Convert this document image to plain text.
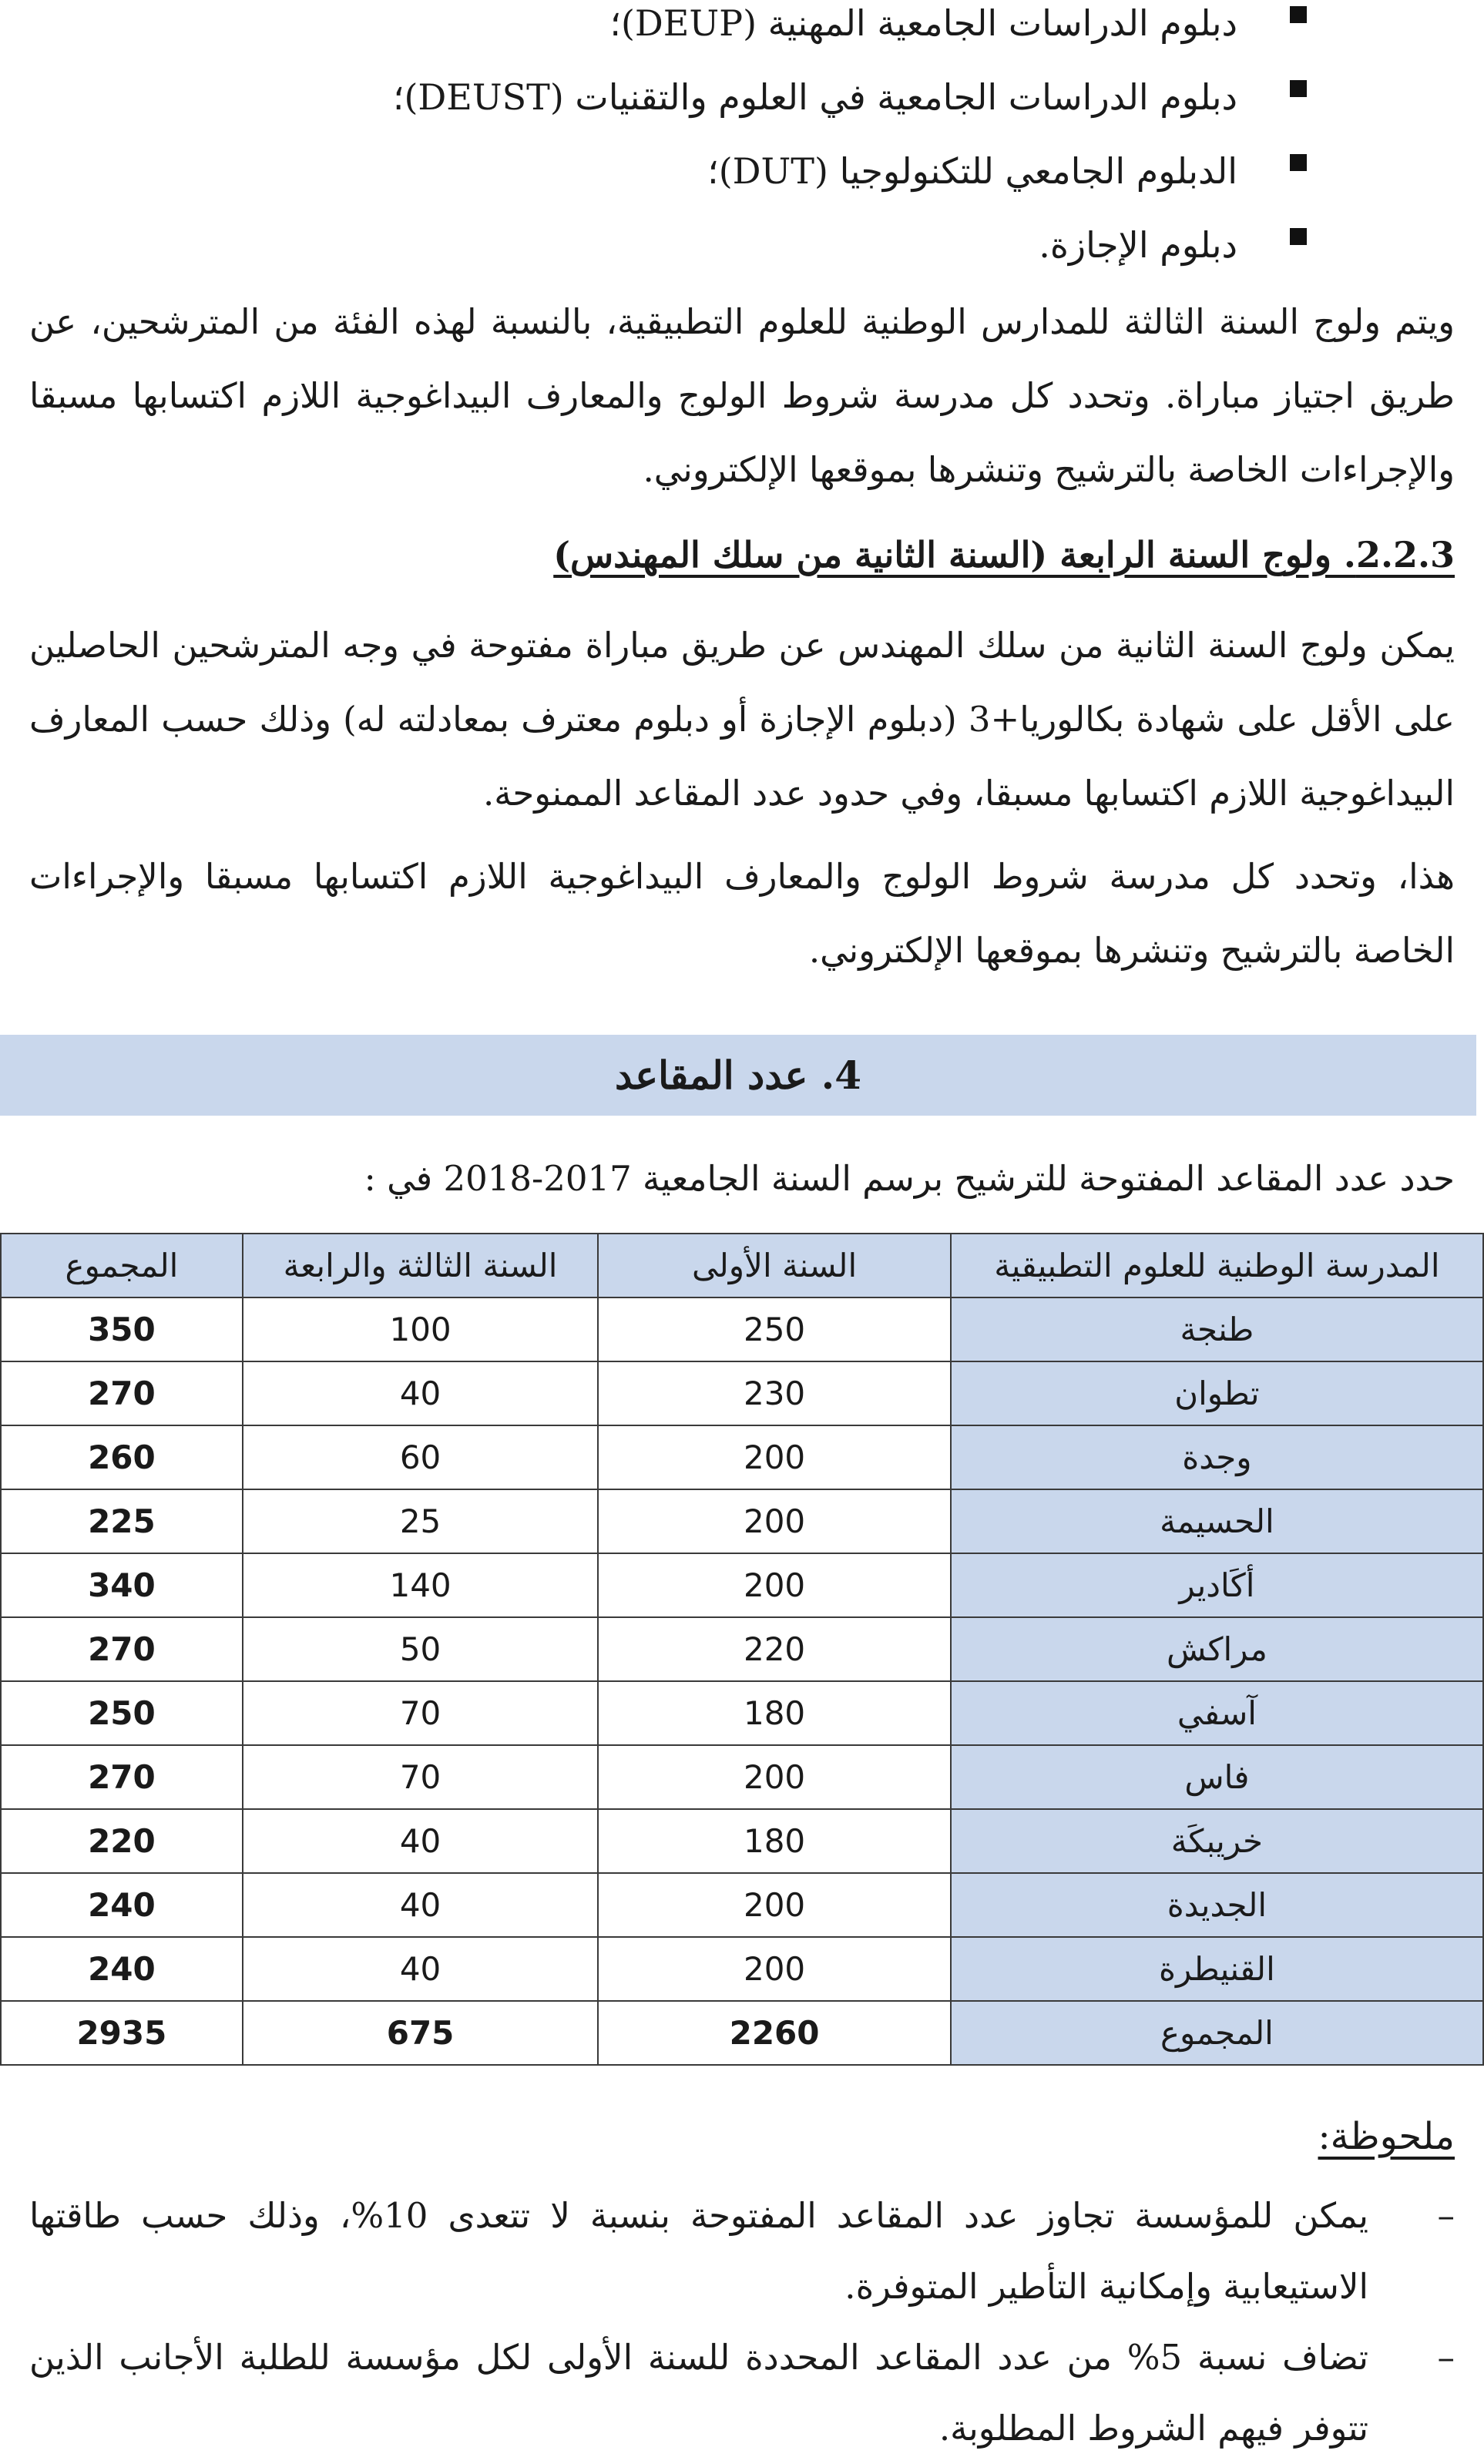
دبلوم الدراسات الجامعية المهنية (DEUP)؛
دبلوم الدراسات الجامعية في العلوم والتقنيات (DEUST)؛
الدبلوم الجامعي للتكنولوجيا (DUT)؛
دبلوم الإجازة.

ويتم ولوج السنة الثالثة للمدارس الوطنية للعلوم التطبيقية، بالنسبة لهذه الفئة من المترشحين، عن طريق اجتياز مباراة. وتحدد كل مدرسة شروط الولوج والمعارف البيداغوجية اللازم اكتسابها مسبقا والإجراءات الخاصة بالترشيح وتنشرها بموقعها الإلكتروني.

2.2.3. ولوج السنة الرابعة (السنة الثانية من سلك المهندس)

يمكن ولوج السنة الثانية من سلك المهندس عن طريق مباراة مفتوحة في وجه المترشحين الحاصلين على الأقل على شهادة بكالوريا+3 (دبلوم الإجازة أو دبلوم معترف بمعادلته له) وذلك حسب المعارف البيداغوجية اللازم اكتسابها مسبقا، وفي حدود عدد المقاعد الممنوحة.

هذا، وتحدد كل مدرسة شروط الولوج والمعارف البيداغوجية اللازم اكتسابها مسبقا والإجراءات الخاصة بالترشيح وتنشرها بموقعها الإلكتروني.

4. عدد المقاعد
حدد عدد المقاعد المفتوحة للترشيح برسم السنة الجامعية 2017-2018 في :
المدرسة الوطنية للعلوم التطبيقية	السنة الأولى	السنة الثالثة والرابعة	المجموع
طنجة	250	100	350
تطوان	230	40	270
وجدة	200	60	260
الحسيمة	200	25	225
أكَادير	200	140	340
مراكش	220	50	270
آسفي	180	70	250
فاس	200	70	270
خريبكَة	180	40	220
الجديدة	200	40	240
القنيطرة	200	40	240
المجموع	2260	675	2935
ملحوظة:
–
يمكن للمؤسسة تجاوز عدد المقاعد المفتوحة بنسبة لا تتعدى 10%، وذلك حسب طاقتها الاستيعابية وإمكانية التأطير المتوفرة.
–
تضاف نسبة 5% من عدد المقاعد المحددة للسنة الأولى لكل مؤسسة للطلبة الأجانب الذين تتوفر فيهم الشروط المطلوبة.
